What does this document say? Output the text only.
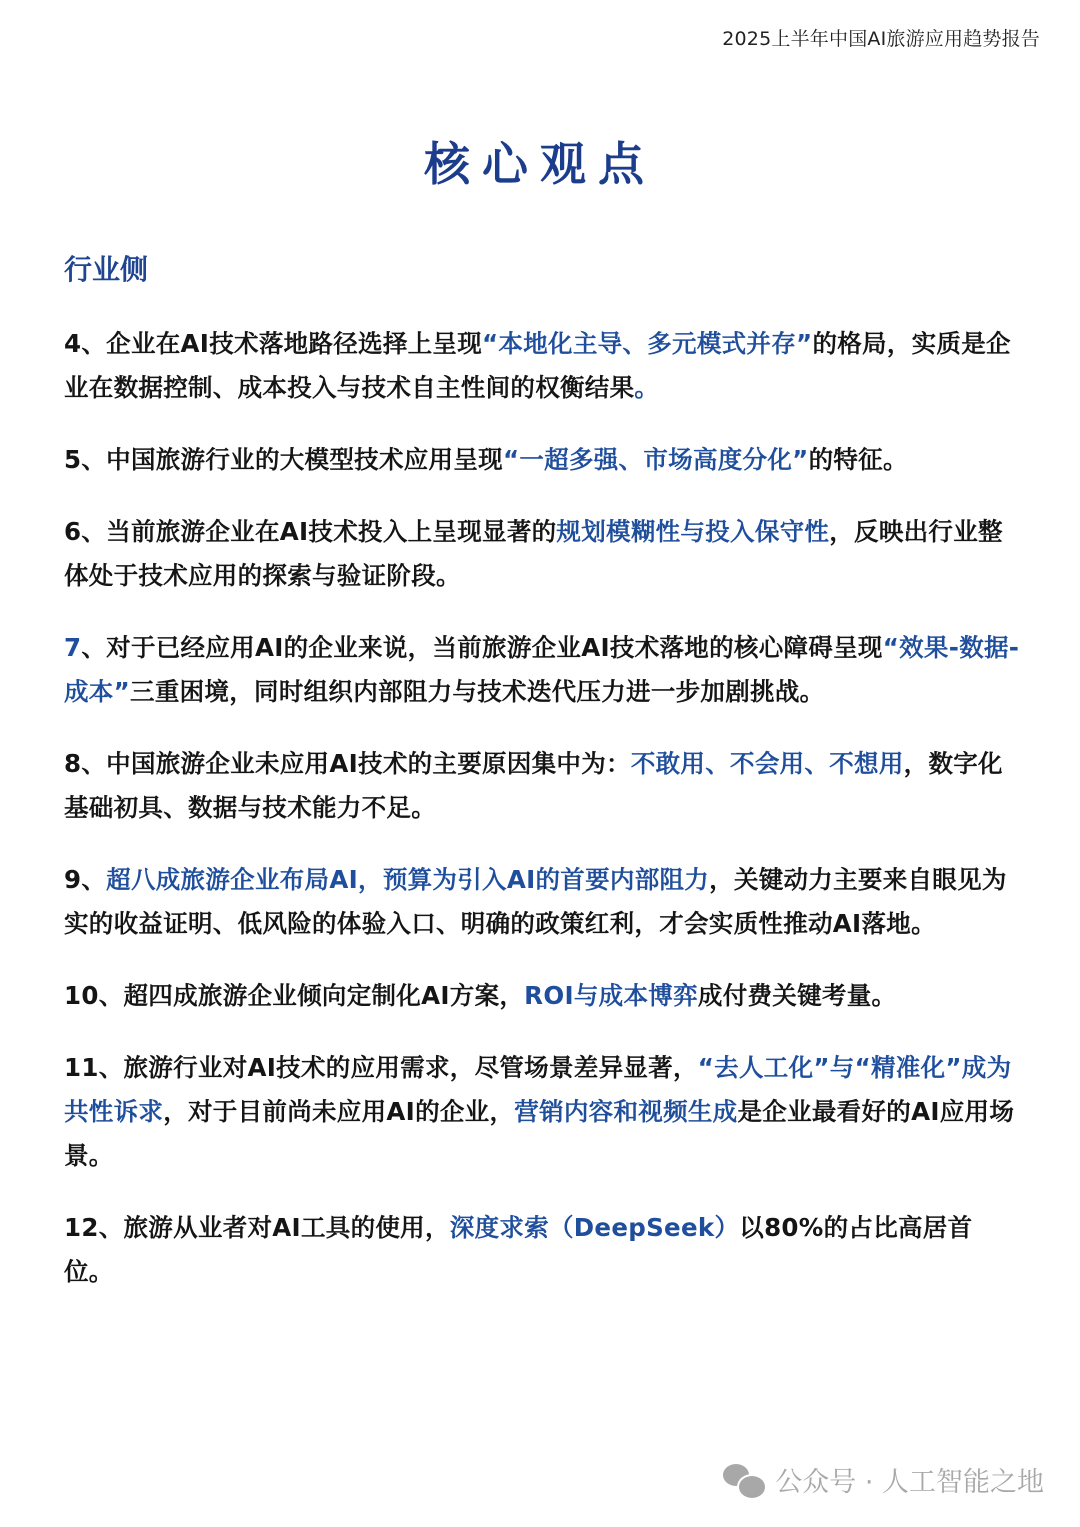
2025上半年中国AI旅游应用趋势报告
核心观点
行业侧
4、企业在AI技术落地路径选择上呈现“本地化主导、多元模式并存”的格局，实质是企业在数据控制、成本投入与技术自主性间的权衡结果。
5、中国旅游行业的大模型技术应用呈现“一超多强、市场高度分化”的特征。
6、当前旅游企业在AI技术投入上呈现显著的规划模糊性与投入保守性，反映出行业整体处于技术应用的探索与验证阶段。
7、对于已经应用AI的企业来说，当前旅游企业AI技术落地的核心障碍呈现“效果-数据-成本”三重困境，同时组织内部阻力与技术迭代压力进一步加剧挑战。
8、中国旅游企业未应用AI技术的主要原因集中为：不敢用、不会用、不想用，数字化基础初具、数据与技术能力不足。
9、超八成旅游企业布局AI，预算为引入AI的首要内部阻力，关键动力主要来自眼见为实的收益证明、低风险的体验入口、明确的政策红利，才会实质性推动AI落地。
10、超四成旅游企业倾向定制化AI方案，ROI与成本博弈成付费关键考量。
11、旅游行业对AI技术的应用需求，尽管场景差异显著，“去人工化”与“精准化”成为共性诉求，对于目前尚未应用AI的企业，营销内容和视频生成是企业最看好的AI应用场景。
12、旅游从业者对AI工具的使用，深度求索（DeepSeek）以80%的占比高居首位。
公众号 · 人工智能之地
